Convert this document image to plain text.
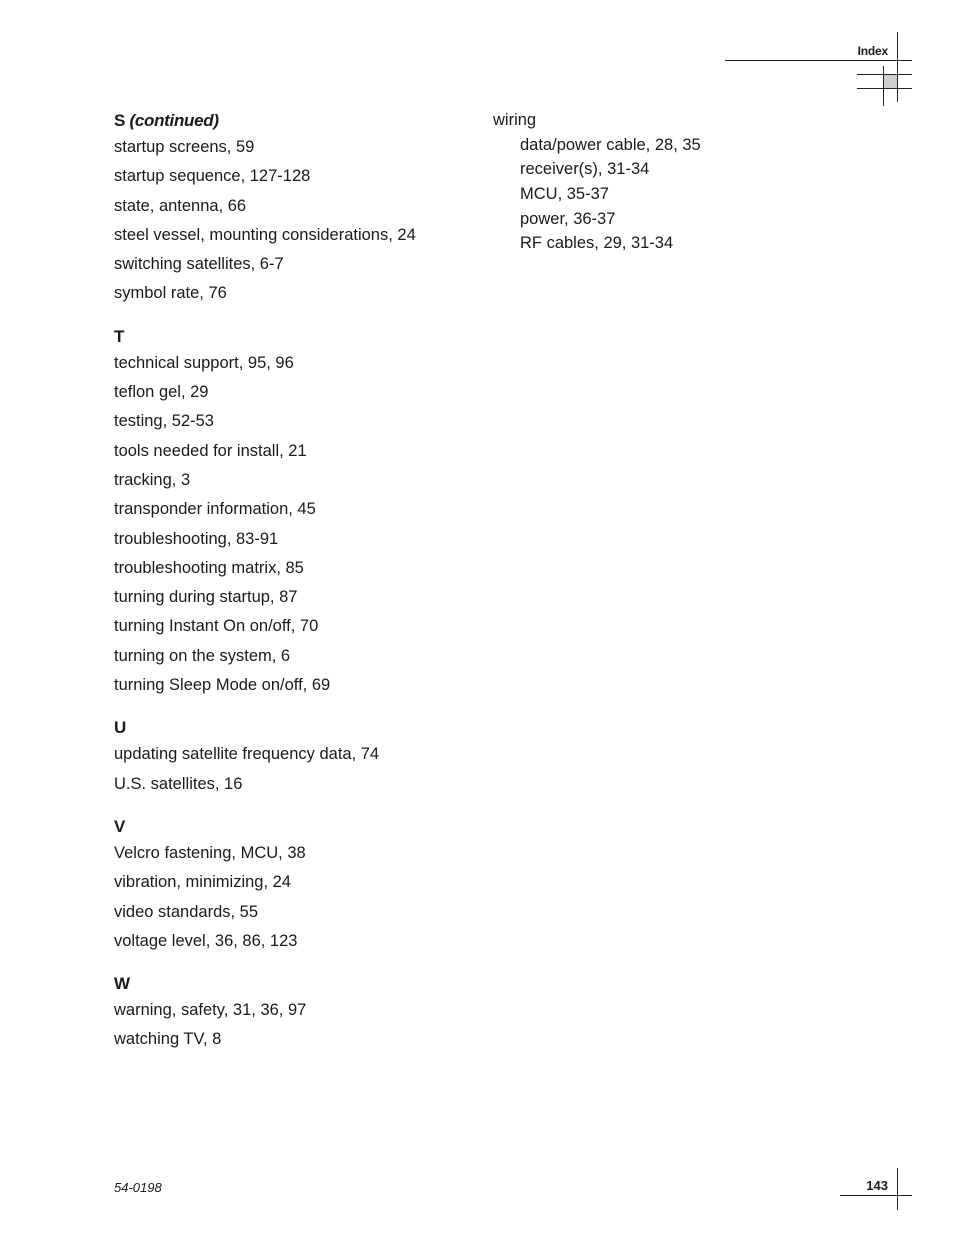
Index
S (continued)
startup screens, 59
startup sequence, 127-128
state, antenna, 66
steel vessel, mounting considerations, 24
switching satellites, 6-7
symbol rate, 76
T
technical support, 95, 96
teflon gel, 29
testing, 52-53
tools needed for install, 21
tracking, 3
transponder information, 45
troubleshooting, 83-91
troubleshooting matrix, 85
turning during startup, 87
turning Instant On on/off, 70
turning on the system, 6
turning Sleep Mode on/off, 69
U
updating satellite frequency data, 74
U.S. satellites, 16
V
Velcro fastening, MCU, 38
vibration, minimizing, 24
video standards, 55
voltage level, 36, 86, 123
W
warning, safety, 31, 36, 97
watching TV, 8
wiring
data/power cable, 28, 35
receiver(s), 31-34
MCU, 35-37
power, 36-37
RF cables, 29, 31-34
54-0198	143
